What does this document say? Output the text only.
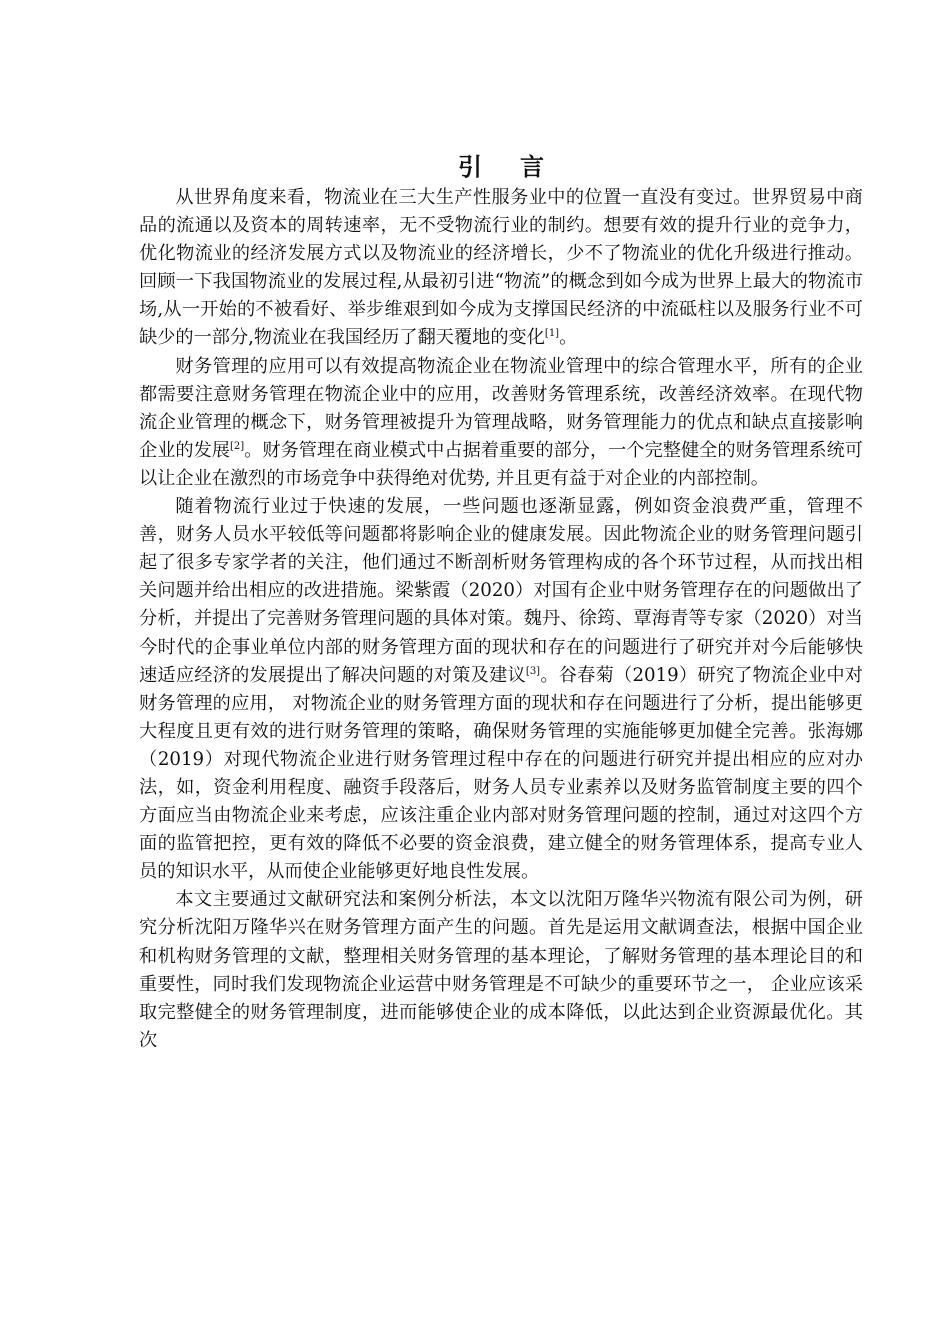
引言

从世界角度来看，物流业在三大生产性服务业中的位置一直没有变过。世界贸易中商品的流通以及资本的周转速率，无不受物流行业的制约。想要有效的提升行业的竞争力，优化物流业的经济发展方式以及物流业的经济增长，少不了物流业的优化升级进行推动。回顾一下我国物流业的发展过程,从最初引进“物流”的概念到如今成为世界上最大的物流市场,从一开始的不被看好、举步维艰到如今成为支撑国民经济的中流砥柱以及服务行业不可缺少的一部分,物流业在我国经历了翻天覆地的变化[1]。

财务管理的应用可以有效提高物流企业在物流业管理中的综合管理水平，所有的企业都需要注意财务管理在物流企业中的应用，改善财务管理系统，改善经济效率。在现代物流企业管理的概念下，财务管理被提升为管理战略，财务管理能力的优点和缺点直接影响企业的发展[2]。财务管理在商业模式中占据着重要的部分，一个完整健全的财务管理系统可以让企业在激烈的市场竞争中获得绝对优势, 并且更有益于对企业的内部控制。

随着物流行业过于快速的发展，一些问题也逐渐显露，例如资金浪费严重，管理不善，财务人员水平较低等问题都将影响企业的健康发展。因此物流企业的财务管理问题引起了很多专家学者的关注，他们通过不断剖析财务管理构成的各个环节过程，从而找出相关问题并给出相应的改进措施。梁紫霞（2020）对国有企业中财务管理存在的问题做出了分析，并提出了完善财务管理问题的具体对策。魏丹、徐筠、覃海青等专家（2020）对当今时代的企事业单位内部的财务管理方面的现状和存在的问题进行了研究并对今后能够快速适应经济的发展提出了解决问题的对策及建议[3]。谷春菊（2019）研究了物流企业中对财务管理的应用， 对物流企业的财务管理方面的现状和存在问题进行了分析，提出能够更大程度且更有效的进行财务管理的策略，确保财务管理的实施能够更加健全完善。张海娜（2019）对现代物流企业进行财务管理过程中存在的问题进行研究并提出相应的应对办法，如，资金利用程度、融资手段落后，财务人员专业素养以及财务监管制度主要的四个方面应当由物流企业来考虑，应该注重企业内部对财务管理问题的控制，通过对这四个方面的监管把控，更有效的降低不必要的资金浪费，建立健全的财务管理体系，提高专业人员的知识水平，从而使企业能够更好地良性发展。

本文主要通过文献研究法和案例分析法，本文以沈阳万隆华兴物流有限公司为例，研究分析沈阳万隆华兴在财务管理方面产生的问题。首先是运用文献调查法，根据中国企业和机构财务管理的文献，整理相关财务管理的基本理论，了解财务管理的基本理论目的和重要性，同时我们发现物流企业运营中财务管理是不可缺少的重要环节之一， 企业应该采取完整健全的财务管理制度，进而能够使企业的成本降低，以此达到企业资源最优化。其次
